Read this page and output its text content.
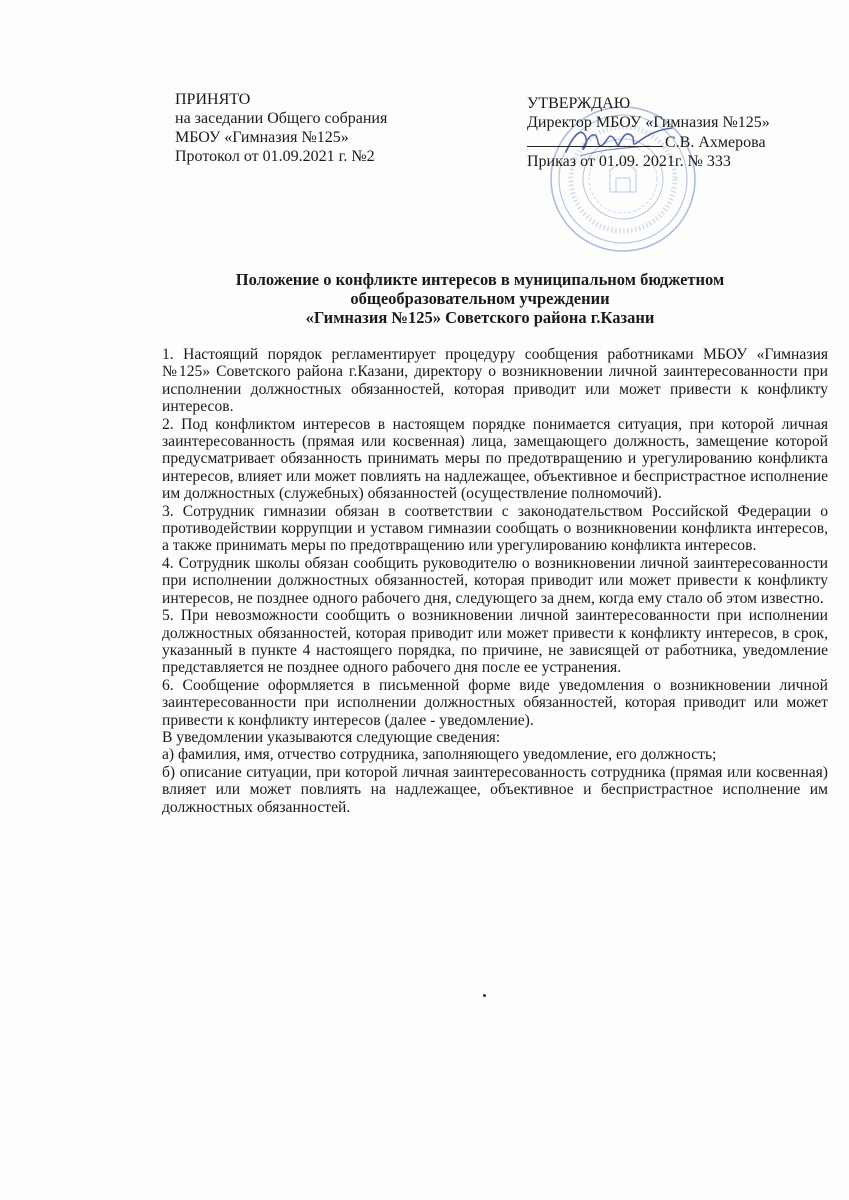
ПРИНЯТО
на заседании Общего собрания
МБОУ «Гимназия №125»
Протокол от 01.09.2021 г. №2
УТВЕРЖДАЮ
Директор МБОУ «Гимназия №125»
С.В. Ахмерова
Приказ от 01.09. 2021г. № 333
Положение о конфликте интересов в муниципальном бюджетном
общеобразовательном учреждении
«Гимназия №125» Советского района г.Казани

1. Настоящий порядок регламентирует процедуру сообщения работниками МБОУ «Гимназия №125» Советского района г.Казани, директору о возникновении личной заинтересованности при исполнении должностных обязанностей, которая приводит или может привести к конфликту интересов.

2. Под конфликтом интересов в настоящем порядке понимается ситуация, при которой личная заинтересованность (прямая или косвенная) лица, замещающего должность, замещение которой предусматривает обязанность принимать меры по предотвращению и урегулированию конфликта интересов, влияет или может повлиять на надлежащее, объективное и беспристрастное исполнение им должностных (служебных) обязанностей (осуществление полномочий).

3. Сотрудник гимназии обязан в соответствии с законодательством Российской Федерации о противодействии коррупции и уставом гимназии сообщать о возникновении конфликта интересов, а также принимать меры по предотвращению или урегулированию конфликта интересов.

4. Сотрудник школы обязан сообщить руководителю о возникновении личной заинтересованности при исполнении должностных обязанностей, которая приводит или может привести к конфликту интересов, не позднее одного рабочего дня, следующего за днем, когда ему стало об этом известно.

5. При невозможности сообщить о возникновении личной заинтересованности при исполнении должностных обязанностей, которая приводит или может привести к конфликту интересов, в срок, указанный в пункте 4 настоящего порядка, по причине, не зависящей от работника, уведомление представляется не позднее одного рабочего дня после ее устранения.

6. Сообщение оформляется в письменной форме виде уведомления о возникновении личной заинтересованности при исполнении должностных обязанностей, которая приводит или может привести к конфликту интересов (далее - уведомление).

В уведомлении указываются следующие сведения:

а) фамилия, имя, отчество сотрудника, заполняющего уведомление, его должность;

б) описание ситуации, при которой личная заинтересованность сотрудника (прямая или косвенная) влияет или может повлиять на надлежащее, объективное и беспристрастное исполнение им должностных обязанностей.
